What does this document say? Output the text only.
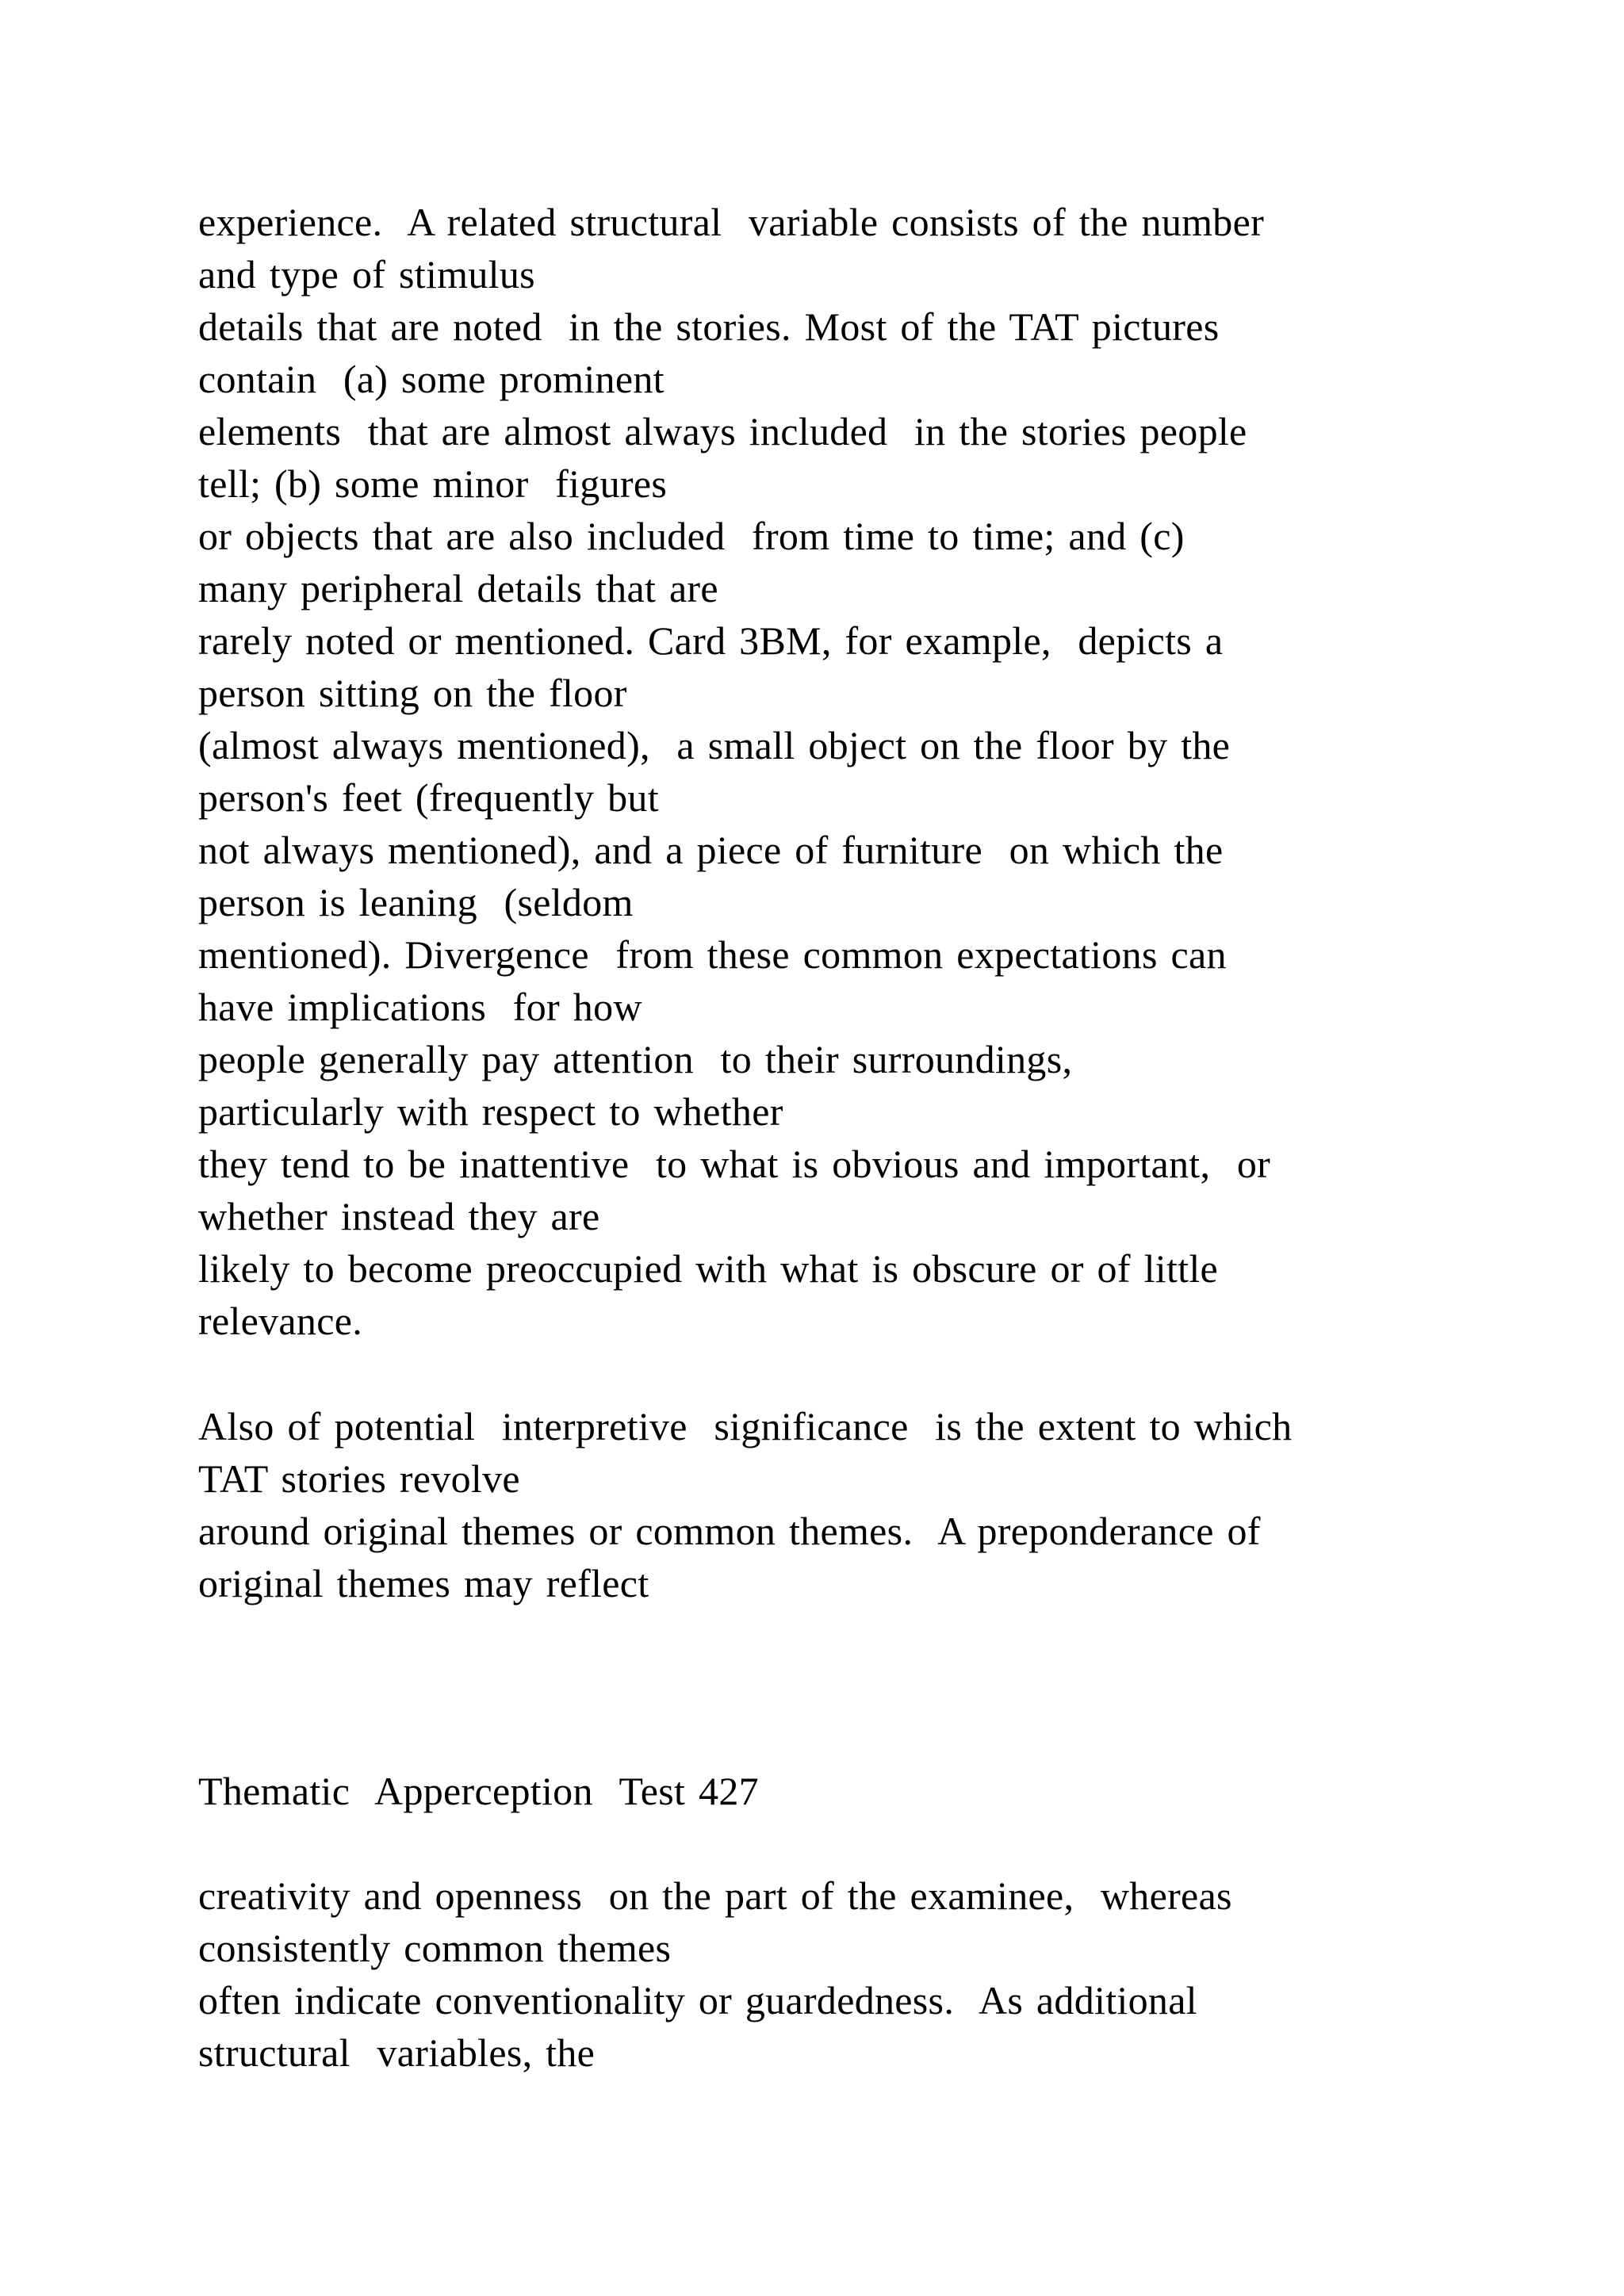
experience.  A related structural  variable consists of the number
and type of stimulus
details that are noted  in the stories. Most of the TAT pictures
contain  (a) some prominent
elements  that are almost always included  in the stories people
tell; (b) some minor  figures
or objects that are also included  from time to time; and (c)
many peripheral details that are
rarely noted or mentioned. Card 3BM, for example,  depicts a
person sitting on the floor
(almost always mentioned),  a small object on the floor by the
person's feet (frequently but
not always mentioned), and a piece of furniture  on which the
person is leaning  (seldom
mentioned). Divergence  from these common expectations can
have implications  for how
people generally pay attention  to their surroundings,
particularly with respect to whether
they tend to be inattentive  to what is obvious and important,  or
whether instead they are
likely to become preoccupied with what is obscure or of little
relevance.
Also of potential  interpretive  significance  is the extent to which
TAT stories revolve
around original themes or common themes.  A preponderance of
original themes may reflect
Thematic  Apperception  Test 427
creativity and openness  on the part of the examinee,  whereas
consistently common themes
often indicate conventionality or guardedness.  As additional
structural  variables, the
